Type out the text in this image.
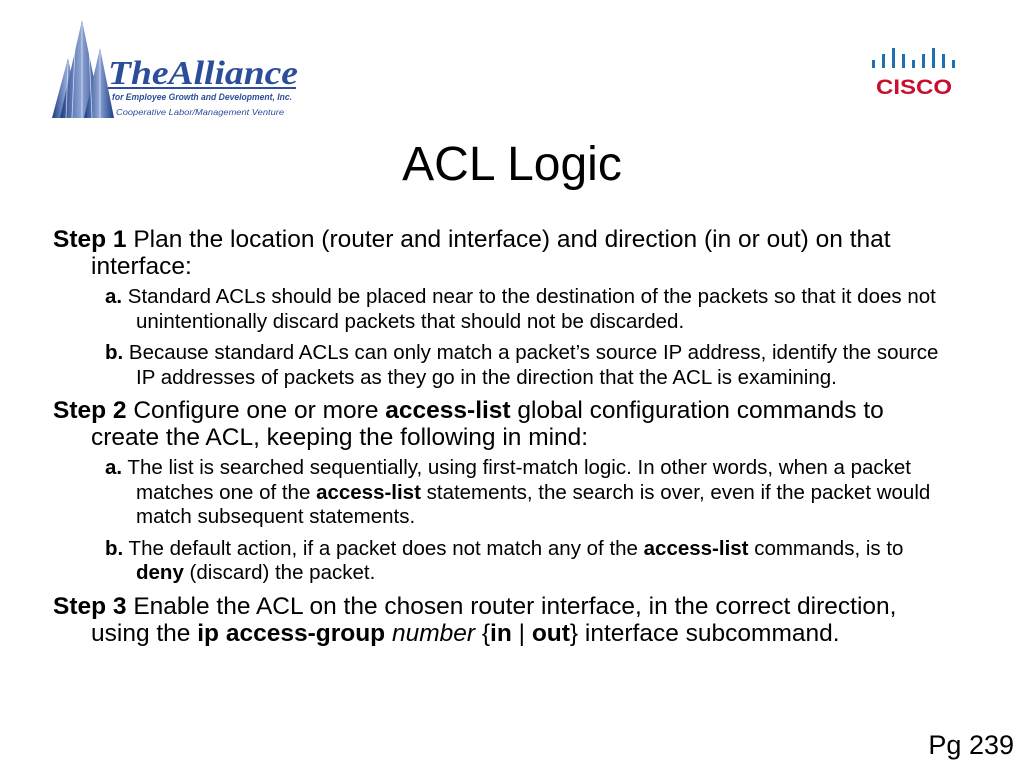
TheAlliance
for Employee Growth and Development, Inc.
Cooperative Labor/Management Venture
CISCO
ACL Logic

Step 1 Plan the location (router and interface) and direction (in or out) on that interface:

a. Standard ACLs should be placed near to the destination of the packets so that it does not unintentionally discard packets that should not be discarded.

b. Because standard ACLs can only match a packet’s source IP address, identify the source IP addresses of packets as they go in the direction that the ACL is examining.

Step 2 Configure one or more access-list global configuration commands to create the ACL, keeping the following in mind:

a. The list is searched sequentially, using first-match logic. In other words, when a packet matches one of the access-list statements, the search is over, even if the packet would match subsequent statements.

b. The default action, if a packet does not match any of the access-list commands, is to deny (discard) the packet.

Step 3 Enable the ACL on the chosen router interface, in the correct direction, using the ip access-group number {in | out} interface subcommand.

Pg 239
